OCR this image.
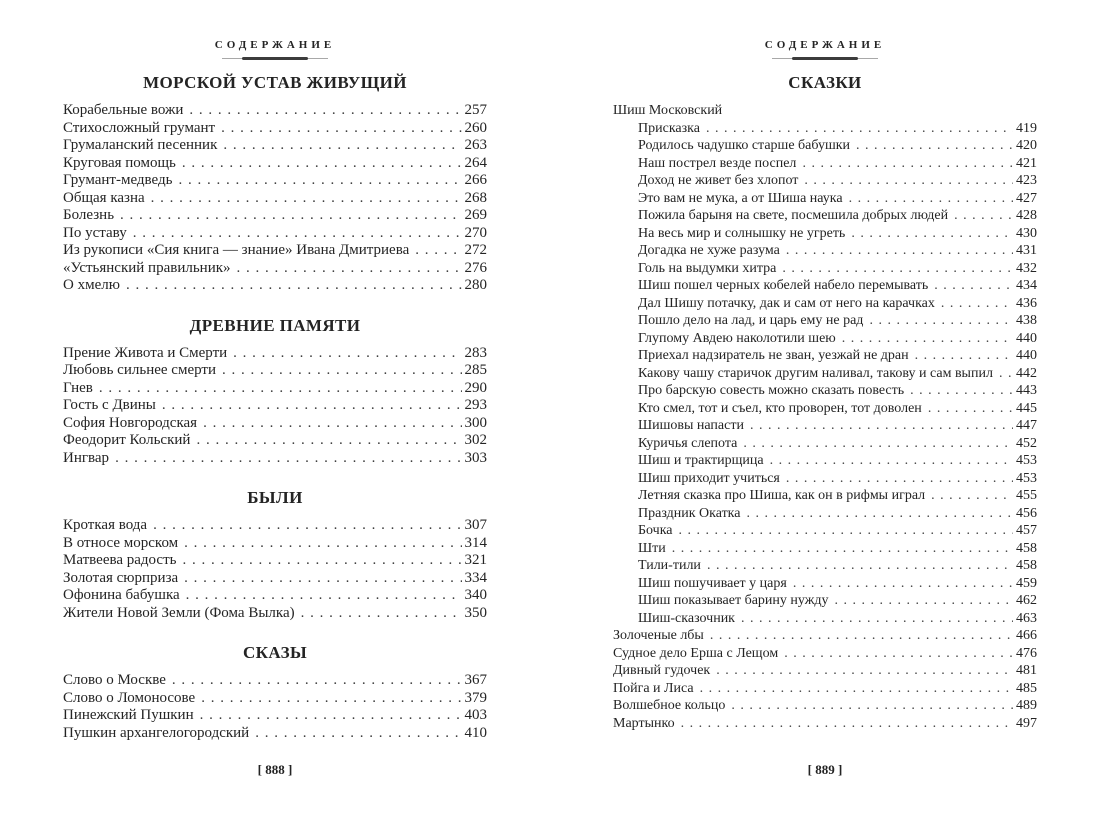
СОДЕРЖАНИЕ
МОРСКОЙ УСТАВ ЖИВУЩИЙ
Корабельные вожи . . .	257
Стихосложный грумант . . .	260
Грумаланский песенник . . .	263
Круговая помощь . . .	264
Грумант-медведь . . .	266
Общая казна . . .	268
Болезнь . . .	269
По уставу . . .	270
Из рукописи «Сия книга — знание» Ивана Дмитриева . . .	272
«Устьянский правильник» . . .	276
О хмелю . . .	280
ДРЕВНИЕ ПАМЯТИ
Прение Живота и Смерти . . .	283
Любовь сильнее смерти . . .	285
Гнев . . .	290
Гость с Двины . . .	293
София Новгородская . . .	300
Феодорит Кольский . . .	302
Ингвар . . .	303
БЫЛИ
Кроткая вода . . .	307
В относе морском . . .	314
Матвеева радость . . .	321
Золотая сюрприза . . .	334
Офонина бабушка . . .	340
Жители Новой Земли (Фома Вылка) . . .	350
СКАЗЫ
Слово о Москве . . .	367
Слово о Ломоносове . . .	379
Пинежский Пушкин . . .	403
Пушкин архангелогородский . . .	410
[ 888 ]
СОДЕРЖАНИЕ
СКАЗКИ
Шиш Московский
Присказка . . .	419
Родилось чадушко старше бабушки . . .	420
Наш пострел везде поспел . . .	421
Доход не живет без хлопот . . .	423
Это вам не мука, а от Шиша наука . . .	427
Пожила барыня на свете, посмешила добрых людей . . .	428
На весь мир и солнышку не угреть . . .	430
Догадка не хуже разума . . .	431
Голь на выдумки хитра . . .	432
Шиш пошел черных кобелей набело перемывать . . .	434
Дал Шишу потачку, дак и сам от него на карачках . . .	436
Пошло дело на лад, и царь ему не рад . . .	438
Глупому Авдею наколотили шею . . .	440
Приехал надзиратель не зван, уезжай не дран . . .	440
Какову чашу старичок другим наливал, такову и сам выпил . . . 442
Про барскую совесть можно сказать повесть . . .	443
Кто смел, тот и съел, кто проворен, тот доволен . . .	445
Шишовы напасти . . .	447
Куричья слепота . . .	452
Шиш и трактирщица . . .	453
Шиш приходит учиться . . .	453
Летняя сказка про Шиша, как он в рифмы играл . . .	455
Праздник Окатка . . .	456
Бочка . . .	457
Шти . . .	458
Тили-тили . . .	458
Шиш пошучивает у царя . . .	459
Шиш показывает барину нужду . . .	462
Шиш-сказочник . . .	463
Золоченые лбы . . .	466
Судное дело Ерша с Лещом . . .	476
Дивный гудочек . . .	481
Пойга и Лиса . . .	485
Волшебное кольцо . . .	489
Мартынко . . .	497
[ 889 ]
